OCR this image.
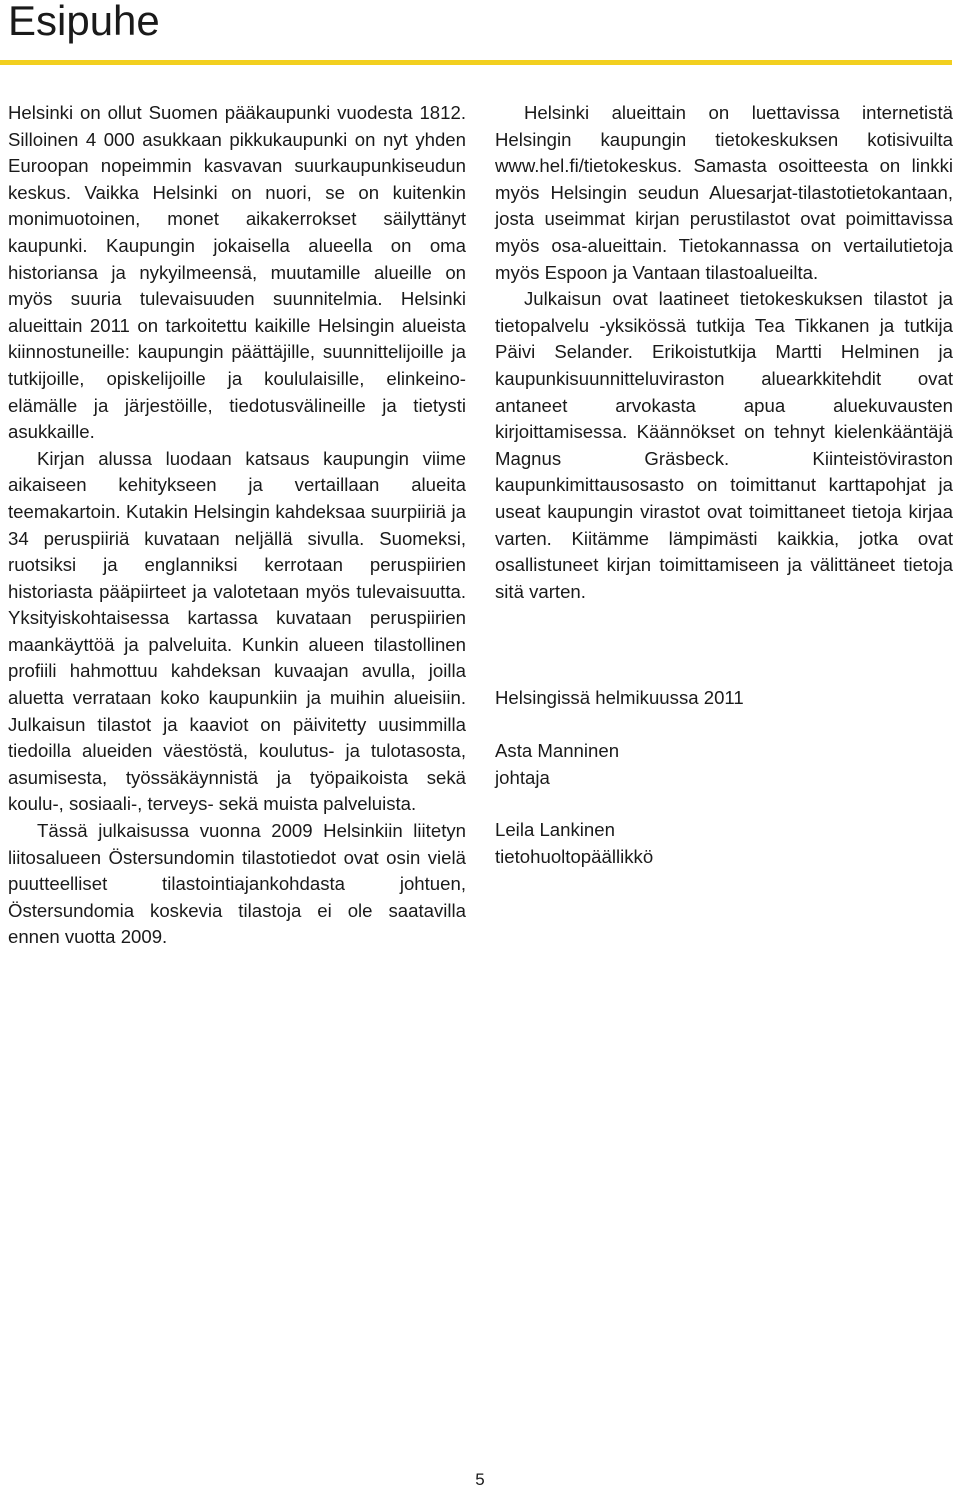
Esipuhe

Helsinki on ollut Suomen pääkaupunki vuodesta 1812. Silloinen 4 000 asukkaan pikkukaupunki on nyt yhden Euroopan nopeimmin kasvavan suurkaupunkiseudun keskus. Vaikka Helsinki on nuori, se on kuitenkin monimuotoinen, monet aikakerrokset säilyttänyt kaupunki. Kaupungin jokaisella alueella on oma historiansa ja nykyilmeensä, muutamille alueille on myös suuria tulevaisuuden suunnitelmia. Helsinki alueittain 2011 on tarkoitettu kaikille Helsingin alueista kiinnostuneille: kaupungin päättäjille, suunnittelijoille ja tutkijoille, opiskelijoille ja koululaisille, elinkeino-elämälle ja järjestöille, tiedotusvälineille ja tietysti asukkaille.

Kirjan alussa luodaan katsaus kaupungin viime aikaiseen kehitykseen ja vertaillaan alueita teemakartoin. Kutakin Helsingin kahdeksaa suurpiiriä ja 34 peruspiiriä kuvataan neljällä sivulla. Suomeksi, ruotsiksi ja englanniksi kerrotaan peruspiirien historiasta pääpiirteet ja valotetaan myös tulevaisuutta. Yksityiskohtaisessa kartassa kuvataan peruspiirien maankäyttöä ja palveluita. Kunkin alueen tilastollinen profiili hahmottuu kahdeksan kuvaajan avulla, joilla aluetta verrataan koko kaupunkiin ja muihin alueisiin. Julkaisun tilastot ja kaaviot on päivitetty uusimmilla tiedoilla alueiden väestöstä, koulutus- ja tulotasosta, asumisesta, työssäkäynnistä ja työpaikoista sekä koulu-, sosiaali-, terveys- sekä muista palveluista.

Tässä julkaisussa vuonna 2009 Helsinkiin liitetyn liitosalueen Östersundomin tilastotiedot ovat osin vielä puutteelliset tilastointiajankohdasta johtuen, Östersundomia koskevia tilastoja ei ole saatavilla ennen vuotta 2009.

Helsinki alueittain on luettavissa internetistä Helsingin kaupungin tietokeskuksen kotisivuilta www.hel.fi/tietokeskus. Samasta osoitteesta on linkki myös Helsingin seudun Aluesarjat-tilastotietokantaan, josta useimmat kirjan perustilastot ovat poimittavissa myös osa-alueittain. Tietokannassa on vertailutietoja myös Espoon ja Vantaan tilastoalueilta.

Julkaisun ovat laatineet tietokeskuksen tilastot ja tietopalvelu -yksikössä tutkija Tea Tikkanen ja tutkija Päivi Selander. Erikoistutkija Martti Helminen ja kaupunkisuunnitteluviraston aluearkkitehdit ovat antaneet arvokasta apua aluekuvausten kirjoittamisessa. Käännökset on tehnyt kielenkääntäjä Magnus Gräsbeck. Kiinteistöviraston kaupunkimittausosasto on toimittanut karttapohjat ja useat kaupungin virastot ovat toimittaneet tietoja kirjaa varten. Kiitämme lämpimästi kaikkia, jotka ovat osallistuneet kirjan toimittamiseen ja välittäneet tietoja sitä varten.

Helsingissä helmikuussa 2011
Asta Manninen
johtaja
Leila Lankinen
tietohuoltopäällikkö
5
